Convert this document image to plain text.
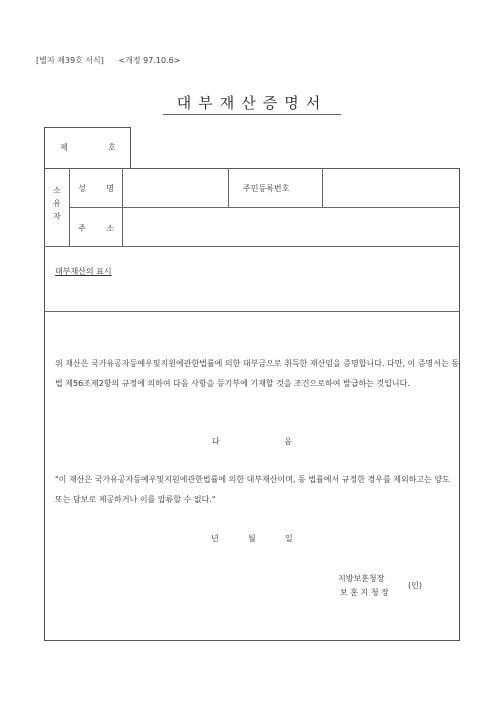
[별지 제39호 서식] <개정 97.10.6>
대부재산증명서
제	호
소
유
자
성 명	주민등록번호
주 소
대부재산의 표시
위 재산은 국가유공자등예우및지원에관한법률에 의한 대부금으로 취득한 재산임을 증명합니다. 다만, 이 증명서는 동법 제56조제2항의 규정에 의하여 다음 사항을 등기부에 기재할 것을 조건으로하여 발급하는 것입니다.
다 음
"이 재산은 국가유공자등예우및지원에관한법률에 의한 대부재산이며, 동 법률에서 규정한 경우를 제외하고는 양도 또는 담보로 제공하거나 이를 압류할 수 없다."
년	월	일
지방보훈청장
보 훈 지 청 장
(인)
